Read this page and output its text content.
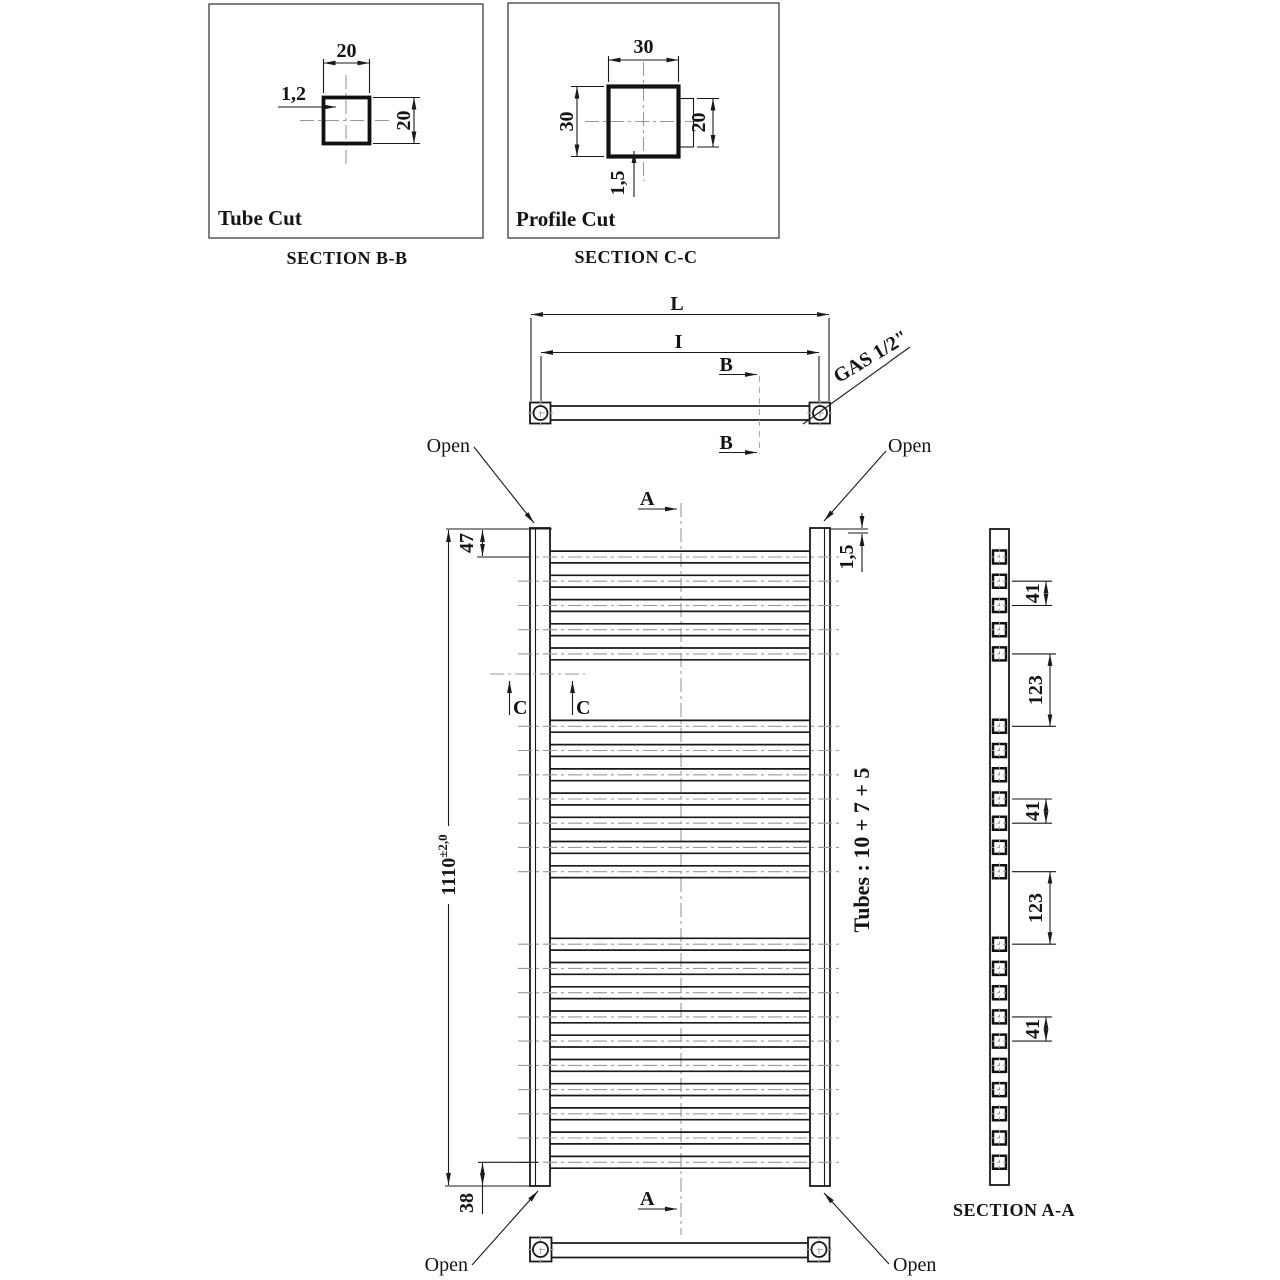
20
20
1,2
Tube Cut
SECTION B-B
30
30	20
1,5
Profile Cut
SECTION C-C
L
I	GAS 1/2"
B
B
Open	Open
A
A
C C
47
$1110^{\pm 2,0}$
38
1,5
Tubes : 10 + 7 + 5
Open	Open
41
123
41
123
41
SECTION A-A
